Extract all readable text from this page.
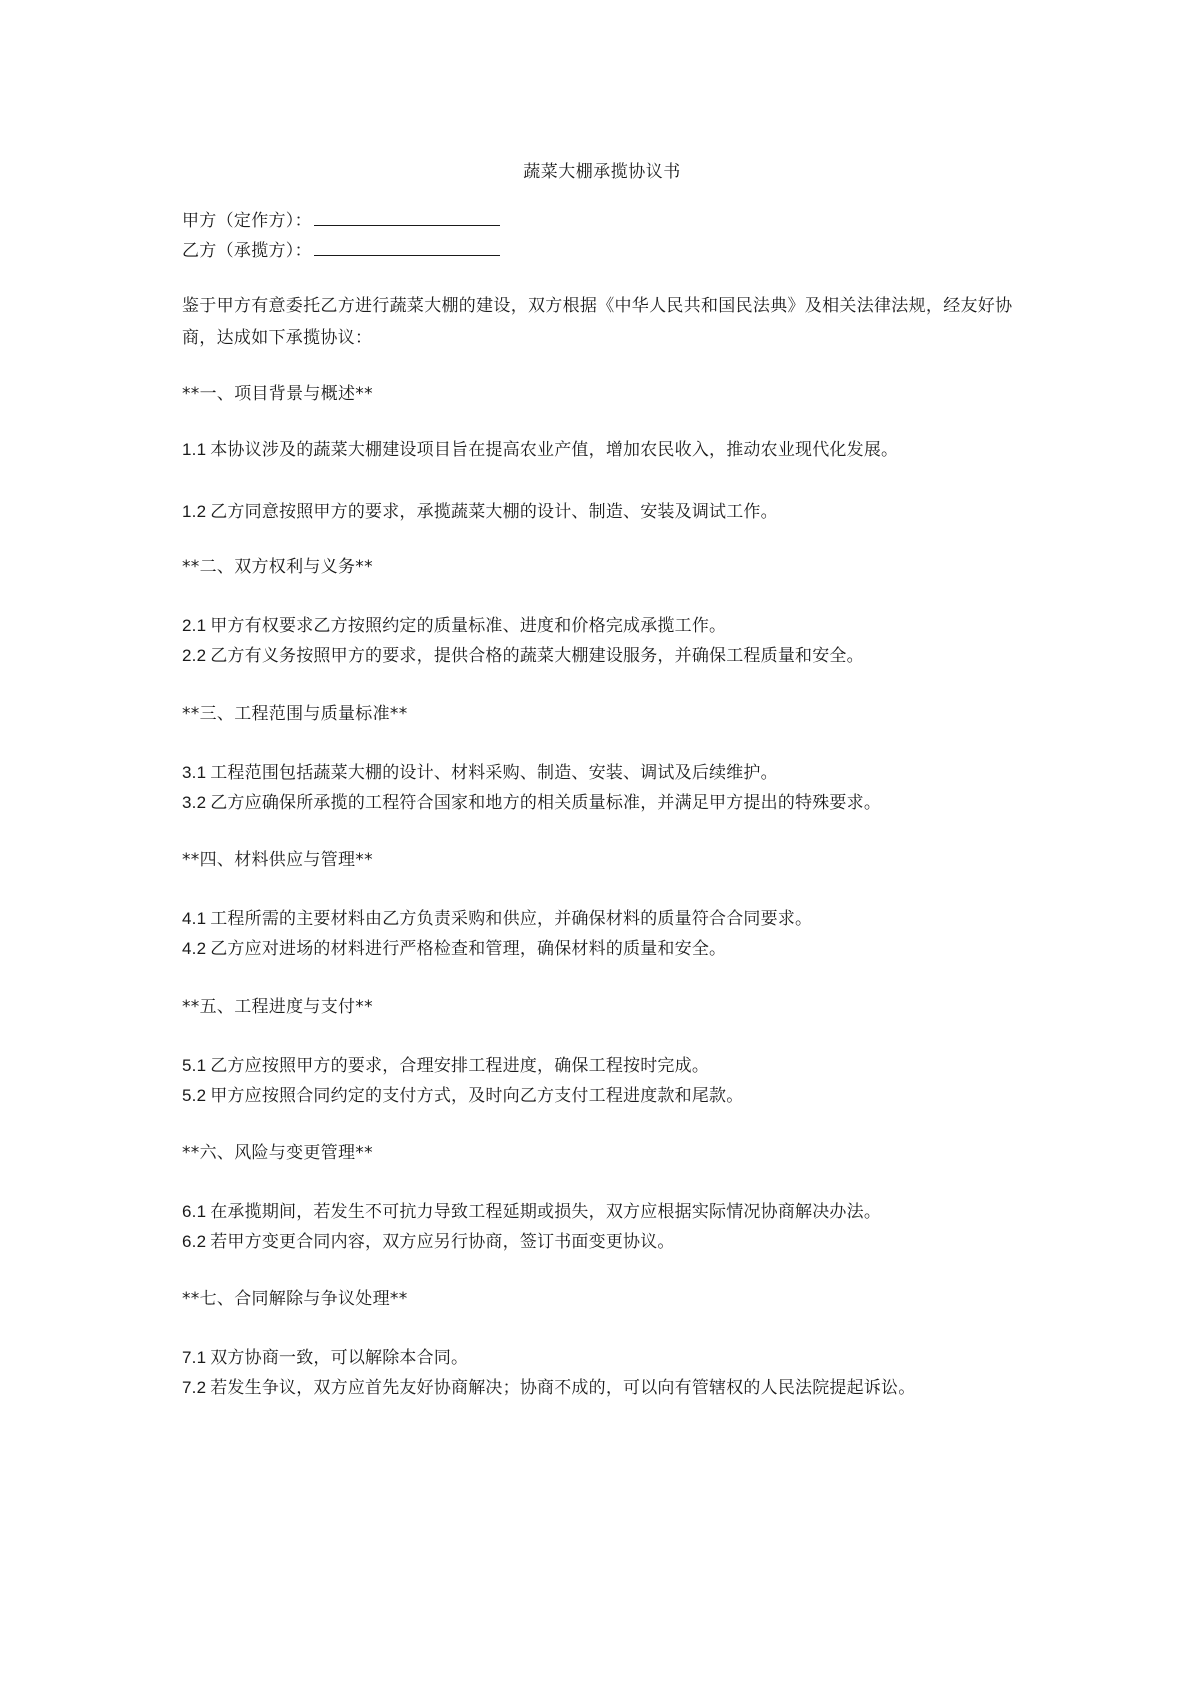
蔬菜大棚承揽协议书
甲方（定作方）：
乙方（承揽方）：
鉴于甲方有意委托乙方进行蔬菜大棚的建设，双方根据《中华人民共和国民法典》及相关法律法规，经友好协商，达成如下承揽协议：
**一、项目背景与概述**
1.1 本协议涉及的蔬菜大棚建设项目旨在提高农业产值，增加农民收入，推动农业现代化发展。
1.2 乙方同意按照甲方的要求，承揽蔬菜大棚的设计、制造、安装及调试工作。
**二、双方权利与义务**
2.1 甲方有权要求乙方按照约定的质量标准、进度和价格完成承揽工作。
2.2 乙方有义务按照甲方的要求，提供合格的蔬菜大棚建设服务，并确保工程质量和安全。
**三、工程范围与质量标准**
3.1 工程范围包括蔬菜大棚的设计、材料采购、制造、安装、调试及后续维护。
3.2 乙方应确保所承揽的工程符合国家和地方的相关质量标准，并满足甲方提出的特殊要求。
**四、材料供应与管理**
4.1 工程所需的主要材料由乙方负责采购和供应，并确保材料的质量符合合同要求。
4.2 乙方应对进场的材料进行严格检查和管理，确保材料的质量和安全。
**五、工程进度与支付**
5.1 乙方应按照甲方的要求，合理安排工程进度，确保工程按时完成。
5.2 甲方应按照合同约定的支付方式，及时向乙方支付工程进度款和尾款。
**六、风险与变更管理**
6.1 在承揽期间，若发生不可抗力导致工程延期或损失，双方应根据实际情况协商解决办法。
6.2 若甲方变更合同内容，双方应另行协商，签订书面变更协议。
**七、合同解除与争议处理**
7.1 双方协商一致，可以解除本合同。
7.2 若发生争议，双方应首先友好协商解决；协商不成的，可以向有管辖权的人民法院提起诉讼。
